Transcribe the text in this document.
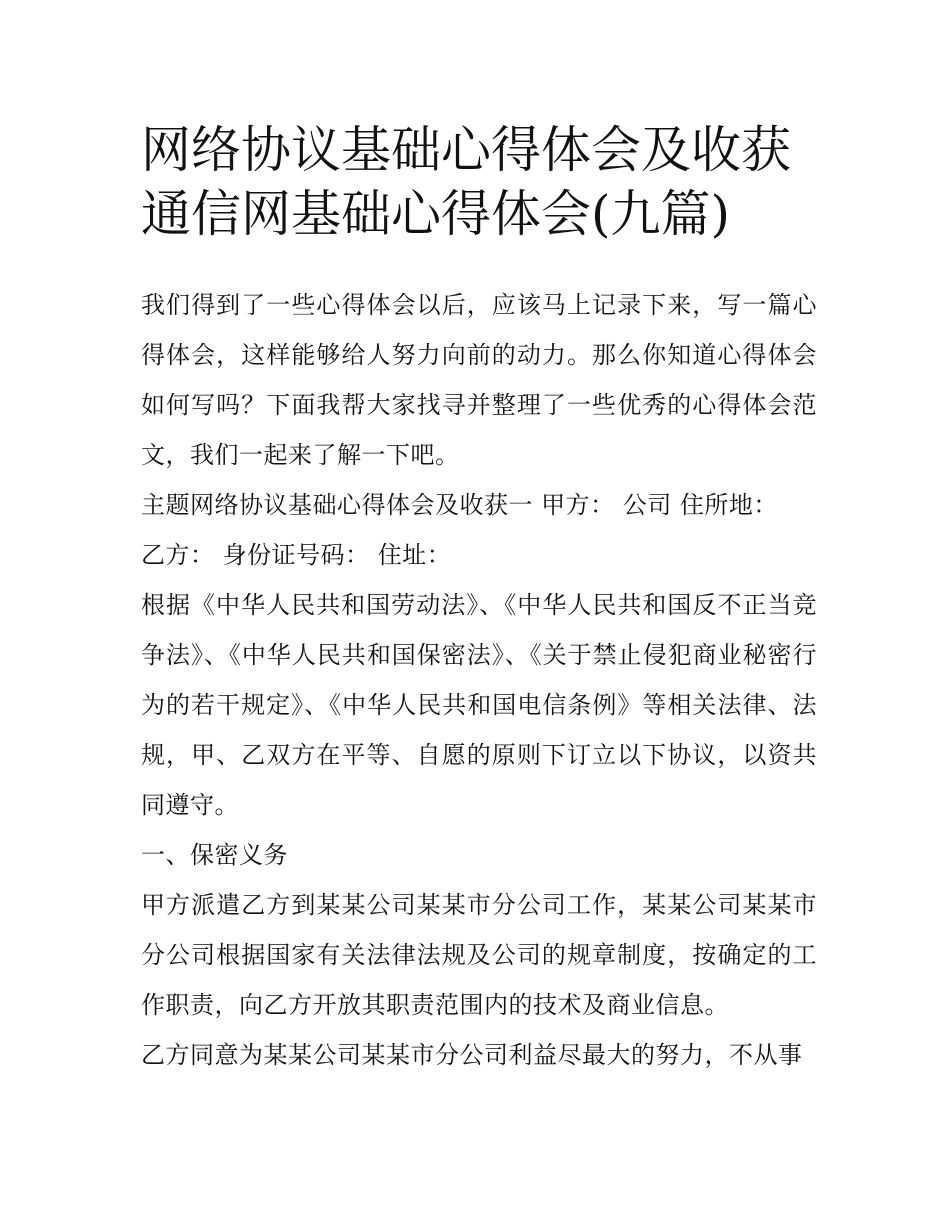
网络协议基础心得体会及收获通信网基础心得体会(九篇)

我们得到了一些心得体会以后，应该马上记录下来，写一篇心得体会，这样能够给人努力向前的动力。那么你知道心得体会如何写吗？下面我帮大家找寻并整理了一些优秀的心得体会范文，我们一起来了解一下吧。

主题网络协议基础心得体会及收获一 甲方： 公司 住所地：

乙方： 身份证号码： 住址：

根据《中华人民共和国劳动法》、《中华人民共和国反不正当竞争法》、《中华人民共和国保密法》、《关于禁止侵犯商业秘密行为的若干规定》、《中华人民共和国电信条例》等相关法律、法规，甲、乙双方在平等、自愿的原则下订立以下协议，以资共同遵守。

一、保密义务

甲方派遣乙方到某某公司某某市分公司工作，某某公司某某市分公司根据国家有关法律法规及公司的规章制度，按确定的工作职责，向乙方开放其职责范围内的技术及商业信息。

乙方同意为某某公司某某市分公司利益尽最大的努力，不从事
